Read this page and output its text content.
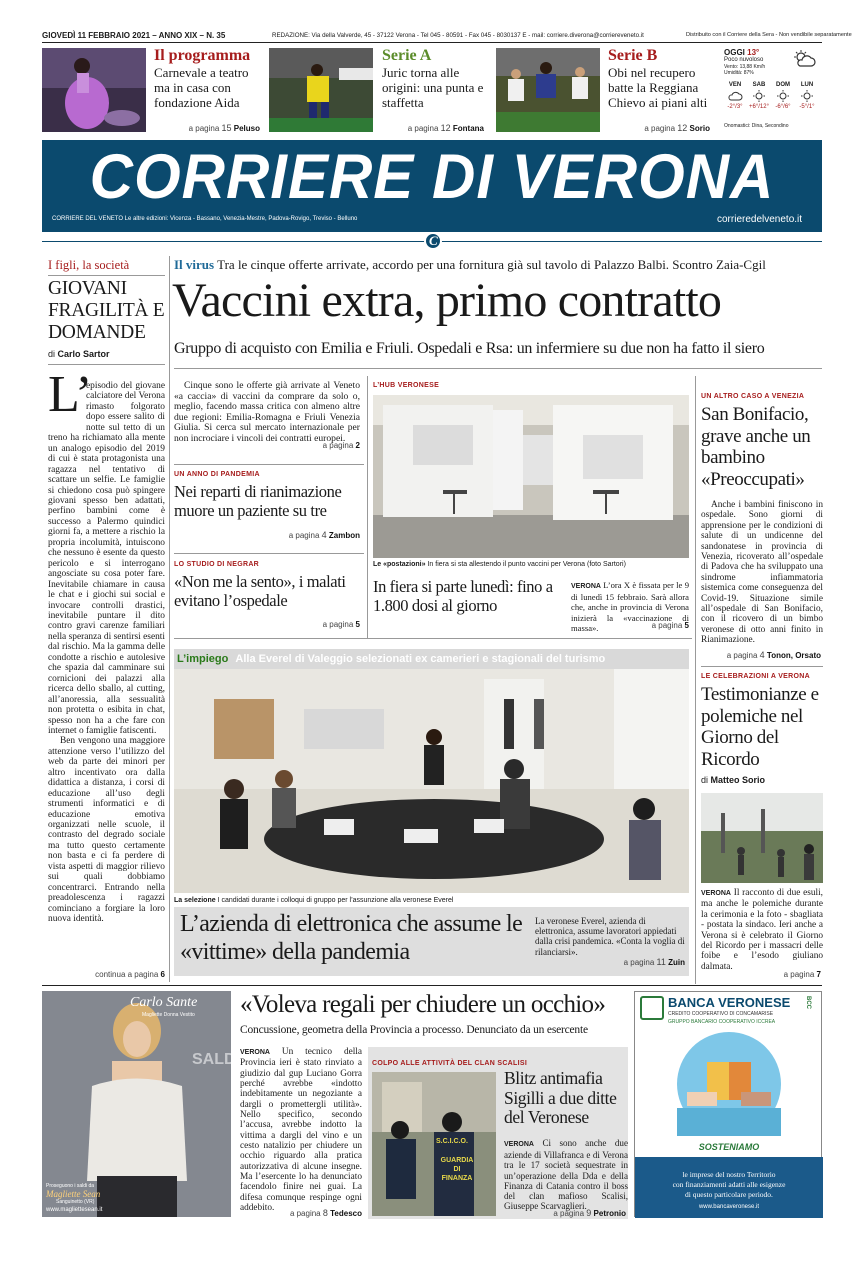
GIOVEDÌ 11 FEBBRAIO 2021 – ANNO XIX – N. 35	REDAZIONE: Via della Valverde, 45 - 37122 Verona - Tel 045 - 80591 - Fax 045 - 8030137 E - mail: corriere.diverona@corriereveneto.it	Distribuito con il Corriere della Sera - Non vendibile separatamente
Il programma
Carnevale a teatro ma in casa con fondazione Aida
a pagina 15 Peluso
Serie A
Juric torna alle origini: una punta e staffetta
a pagina 12 Fontana
Serie B
Obi nel recupero batte la Reggiana Chievo ai piani alti
a pagina 12 Sorio
OGGI 13°
Poco nuvoloso
Vento: 13,88 Km/h
Umidità: 87%
VEN
-2°/3°
SAB
+6°/12°
DOM
-6°/6°
LUN
-5°/1°
Onomastici: Dina, Secondino
CORRIERE DI VERONA
CORRIERE DEL VENETO Le altre edizioni: Vicenza - Bassano, Venezia-Mestre, Padova-Rovigo, Treviso - Belluno	corrieredelveneto.it
C
I figli, la società
GIOVANI FRAGILITÀ E DOMANDE
di Carlo Sartor
L’
episodio del giovane calciatore del Verona rimasto folgorato dopo essere salito di notte sul tetto di un treno ha richiamato alla mente un analogo episodio del 2019 di cui è stata protagonista una ragazza nel tentativo di scattare un selfie. Le famiglie si chiedono cosa può spingere giovani spesso ben adattati, perfino bambini come è successo a Palermo quindici giorni fa, a mettere a rischio la propria incolumità, intuiscono che nessuno è esente da questo pericolo e si interrogano angosciate su cosa poter fare. Inevitabile chiamare in causa le chat e i giochi sui social e invocare controlli drastici, inevitabile puntare il dito contro gravi carenze familiari nella speranza di sentirsi esenti dal rischio. Ma la gamma delle condotte a rischio e autolesive che spazia dal camminare sui cornicioni dei palazzi alla ricerca dello sballo, al cutting, all’anoressia, alla sessualità non protetta o esibita in chat, spesso non ha a che fare con internet o famiglie fatiscenti.
Ben vengono una maggiore attenzione verso l’utilizzo del web da parte dei minori per altro incentivato ora dalla didattica a distanza, i corsi di educazione all’uso degli strumenti informatici e di educazione emotiva organizzati nelle scuole, il contrasto del degrado sociale ma tutto questo certamente non basta e ci fa perdere di vista aspetti di maggior rilievo sui quali dobbiamo concentrarci. Entrando nella preadolescenza i ragazzi cominciano a forgiare la loro nuova identità.
continua a pagina 6
Il virus Tra le cinque offerte arrivate, accordo per una fornitura già sul tavolo di Palazzo Balbi. Scontro Zaia-Cgil
Vaccini extra, primo contratto
Gruppo di acquisto con Emilia e Friuli. Ospedali e Rsa: un infermiere su due non ha fatto il siero
Cinque sono le offerte già arrivate al Veneto «a caccia» di vaccini da comprare da solo o, meglio, facendo massa critica con almeno altre due regioni: Emilia-Romagna e Friuli Venezia Giulia. Si cerca sul mercato internazionale per non incrociare i vincoli dei contratti europei.
a pagina 2
UN ANNO DI PANDEMIA
Nei reparti di rianimazione muore un paziente su tre
a pagina 4 Zambon
LO STUDIO DI NEGRAR
«Non me la sento», i malati evitano l’ospedale
a pagina 5
L’HUB VERONESE
Le «postazioni» In fiera si sta allestendo il punto vaccini per Verona (foto Sartori)
In fiera si parte lunedì: fino a 1.800 dosi al giorno
VERONA L’ora X è fissata per le 9 di lunedì 15 febbraio. Sarà allora che, anche in provincia di Verona inizierà la «vaccinazione di massa».	a pagina 5
UN ALTRO CASO A VENEZIA
San Bonifacio, grave anche un bambino «Preoccupati»
Anche i bambini finiscono in ospedale. Sono giorni di apprensione per le condizioni di salute di un undicenne del sandonatese in provincia di Venezia, ricoverato all’ospedale di Padova che ha sviluppato una sindrome infiammatoria sistemica come conseguenza del Covid-19. Situazione simile all’ospedale di San Bonifacio, con il ricovero di un bimbo veronese di otto anni finito in Rianimazione.
a pagina 4 Tonon, Orsato
LE CELEBRAZIONI A VERONA
Testimonianze e polemiche nel Giorno del Ricordo
di Matteo Sorio
VERONA Il racconto di due esuli, ma anche le polemiche durante la cerimonia e la foto - sbagliata - postata la sindaco. Ieri anche a Verona si è celebrato il Giorno del Ricordo per i massacri delle foibe e l’esodo giuliano dalmata.
a pagina 7
L’impiego Alla Everel di Valeggio selezionati ex camerieri e stagionali del turismo
La selezione I candidati durante i colloqui di gruppo per l’assunzione alla veronese Everel
L’azienda di elettronica che assume le «vittime» della pandemia
La veronese Everel, azienda di elettronica, assume lavoratori appiedati dalla crisi pandemica. «Conta la voglia di rilanciarsi».
a pagina 11 Zuin
Carlo Sante
Magliette Donna Vestito
SALDI
Proseguono i saldi da
Magliette Sean
Sanguinetto (VR)
www.magliettesean.it
«Voleva regali per chiudere un occhio»
Concussione, geometra della Provincia a processo. Denunciato da un esercente
VERONA Un tecnico della Provincia ieri è stato rinviato a giudizio dal gup Luciano Gorra perché avrebbe «indotto indebitamente un negoziante a dargli o promettergli utilità». Nello specifico, secondo l’accusa, avrebbe indotto la vittima a dargli del vino e un cesto natalizio per chiudere un occhio riguardo alla pratica autorizzativa di alcune insegne. Ma l’esercente lo ha denunciato facendolo finire nei guai. La difesa comunque respinge ogni addebito.
a pagina 8 Tedesco
COLPO ALLE ATTIVITÀ DEL CLAN SCALISI
S.C.I.C.O.
GUARDIA DI FINANZA
Blitz antimafia Sigilli a due ditte del Veronese
VERONA Ci sono anche due aziende di Villafranca e di Verona tra le 17 società sequestrate in un’operazione della Dda e della Finanza di Catania contro il boss del clan mafioso Scalisi, Giuseppe Scarvaglieri.
a pagina 9 Petronio
BANCA VERONESE BCC
CREDITO COOPERATIVO DI CONCAMARISE
GRUPPO BANCARIO COOPERATIVO ICCREA
SOSTENIAMO
le imprese del nostro Territorio
con finanziamenti adatti alle esigenze
di questo particolare periodo.
www.bancaveronese.it
